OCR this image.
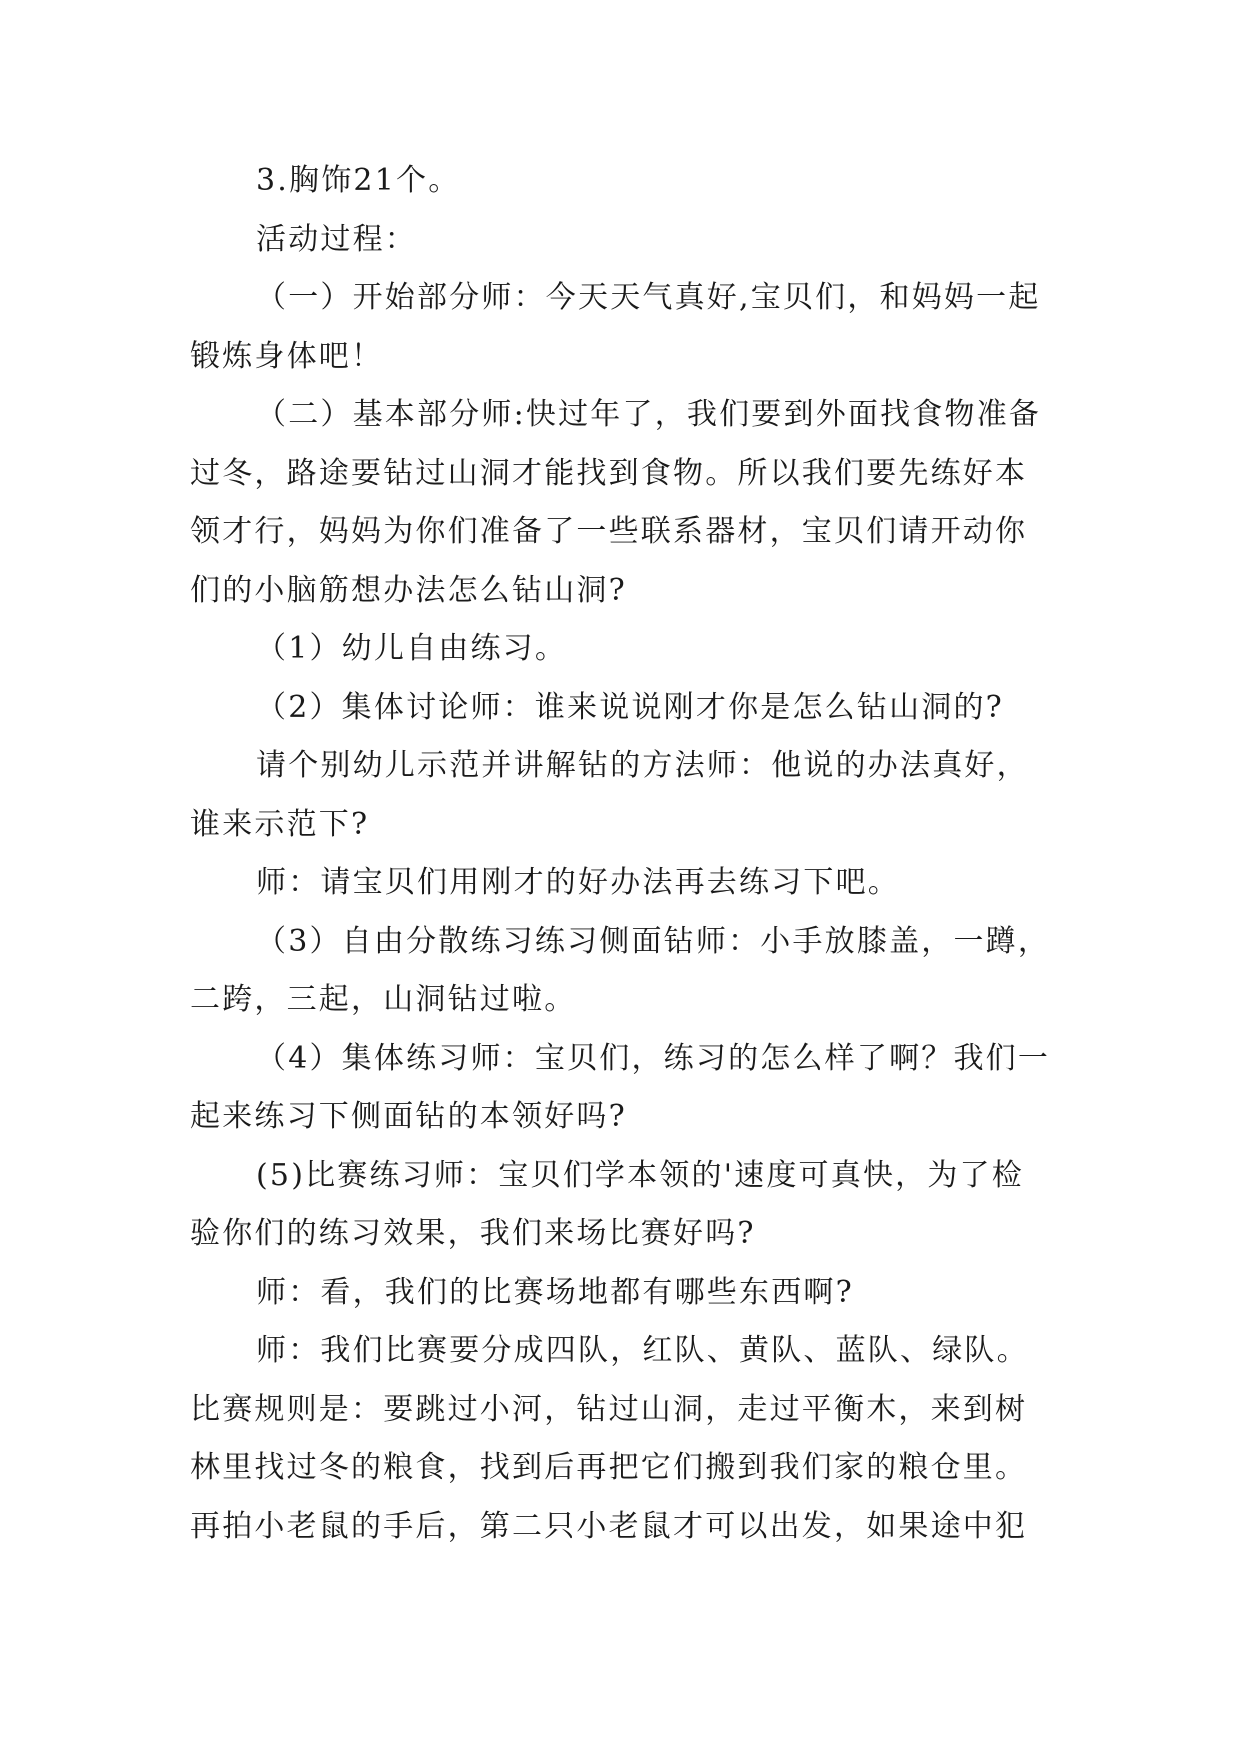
3.胸饰21个。

活动过程：

（一）开始部分师：今天天气真好,宝贝们，和妈妈一起锻炼身体吧！

（二）基本部分师:快过年了，我们要到外面找食物准备过冬，路途要钻过山洞才能找到食物。所以我们要先练好本领才行，妈妈为你们准备了一些联系器材，宝贝们请开动你们的小脑筋想办法怎么钻山洞?

（1）幼儿自由练习。

（2）集体讨论师：谁来说说刚才你是怎么钻山洞的?

请个别幼儿示范并讲解钻的方法师：他说的办法真好，谁来示范下?

师：请宝贝们用刚才的好办法再去练习下吧。

（3）自由分散练习练习侧面钻师：小手放膝盖，一蹲，二跨，三起，山洞钻过啦。

（4）集体练习师：宝贝们，练习的怎么样了啊？我们一起来练习下侧面钻的本领好吗?

(5)比赛练习师：宝贝们学本领的'速度可真快，为了检验你们的练习效果，我们来场比赛好吗?

师：看，我们的比赛场地都有哪些东西啊?

师：我们比赛要分成四队，红队、黄队、蓝队、绿队。比赛规则是：要跳过小河，钻过山洞，走过平衡木，来到树林里找过冬的粮食，找到后再把它们搬到我们家的粮仓里。再拍小老鼠的手后，第二只小老鼠才可以出发，如果途中犯
